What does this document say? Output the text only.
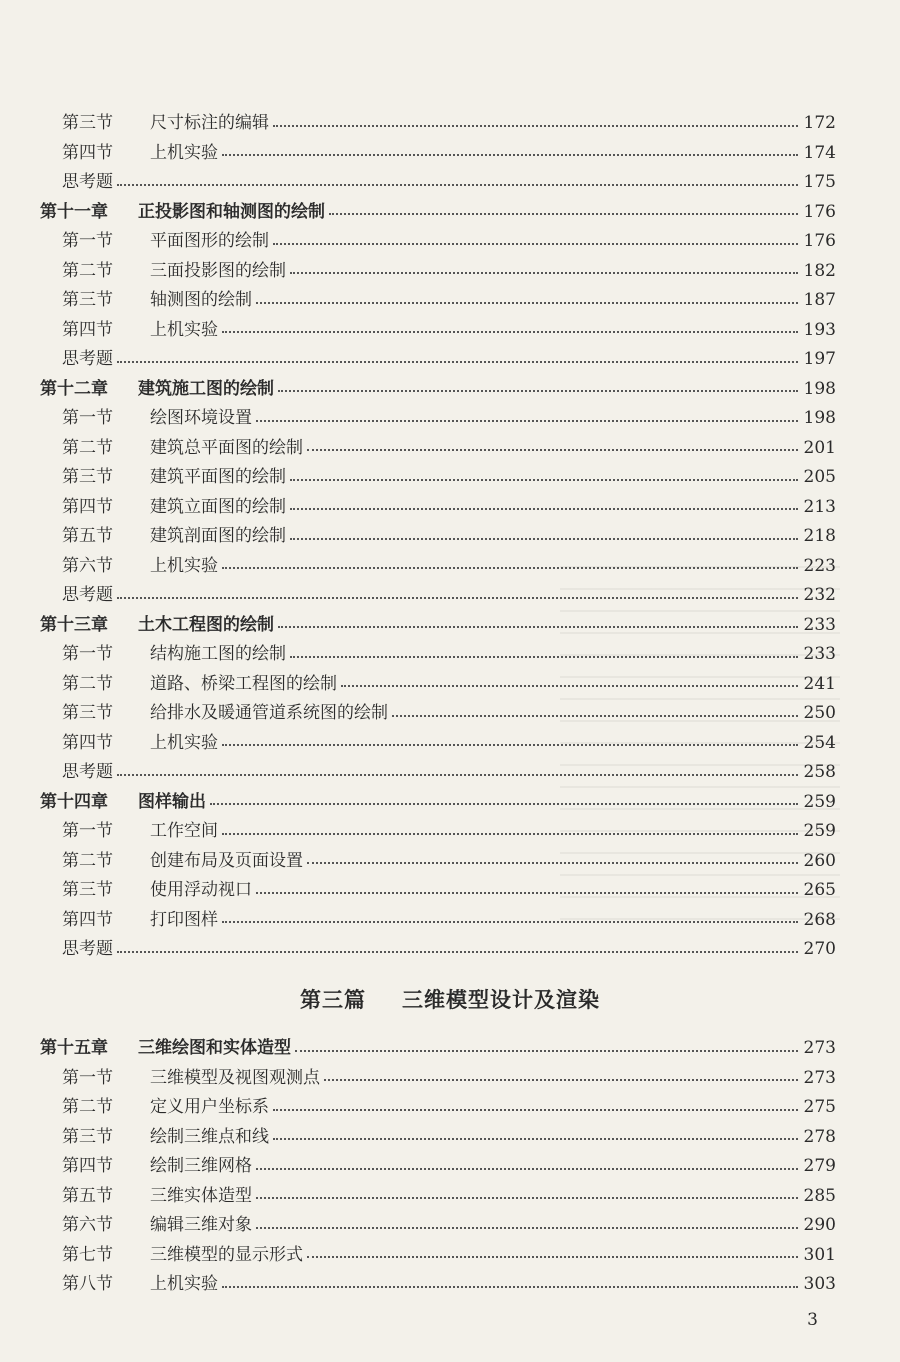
第三节	尺寸标注的编辑	172
第四节	上机实验	174
思考题	175
第十一章	正投影图和轴测图的绘制	176
第一节	平面图形的绘制	176
第二节	三面投影图的绘制	182
第三节	轴测图的绘制	187
第四节	上机实验	193
思考题	197
第十二章	建筑施工图的绘制	198
第一节	绘图环境设置	198
第二节	建筑总平面图的绘制	201
第三节	建筑平面图的绘制	205
第四节	建筑立面图的绘制	213
第五节	建筑剖面图的绘制	218
第六节	上机实验	223
思考题	232
第十三章	土木工程图的绘制	233
第一节	结构施工图的绘制	233
第二节	道路、桥梁工程图的绘制	241
第三节	给排水及暖通管道系统图的绘制	250
第四节	上机实验	254
思考题	258
第十四章	图样输出	259
第一节	工作空间	259
第二节	创建布局及页面设置	260
第三节	使用浮动视口	265
第四节	打印图样	268
思考题	270
第三篇 三维模型设计及渲染
第十五章	三维绘图和实体造型	273
第一节	三维模型及视图观测点	273
第二节	定义用户坐标系	275
第三节	绘制三维点和线	278
第四节	绘制三维网格	279
第五节	三维实体造型	285
第六节	编辑三维对象	290
第七节	三维模型的显示形式	301
第八节	上机实验	303
3
